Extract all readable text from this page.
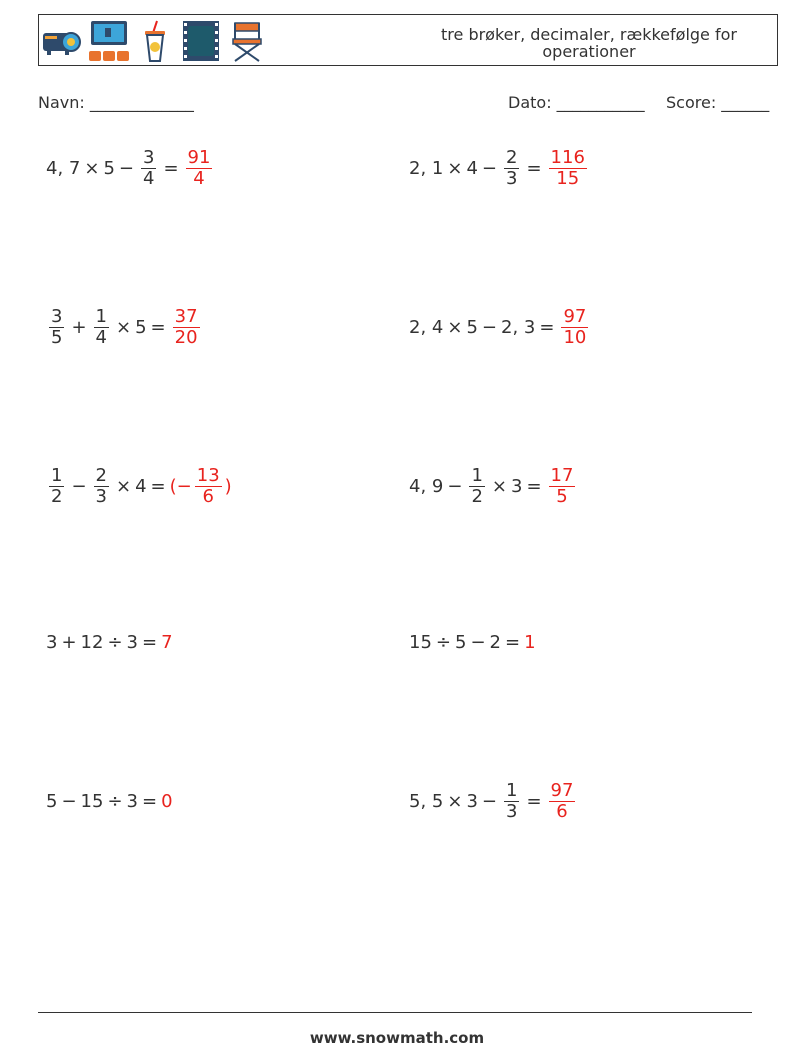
tre brøker, decimaler, rækkefølge for operationer
Navn: _____________	Dato: ___________ Score: ______
4, $7 \times 5 - \frac{3}{4} = \frac{91}{4}$	2, $1 \times 4 - \frac{2}{3} = \frac{116}{15}$
$\frac{3}{5} + \frac{1}{4} \times 5 = \frac{37}{20}$	2, 4 × 5 − 2, $3 = \frac{97}{10}$
$\frac{1}{2} - \frac{2}{3} \times 4$ = (− $\frac{13}{6}$ )	4, $9 - \frac{1}{2} \times 3 = \frac{17}{5}$
3 + 12 ÷ 3 = 7	15 ÷ 5 − 2 = 1
5 − 15 ÷ 3 = 0	5, $5 \times 3 - \frac{1}{3} = \frac{97}{6}$
www.snowmath.com
